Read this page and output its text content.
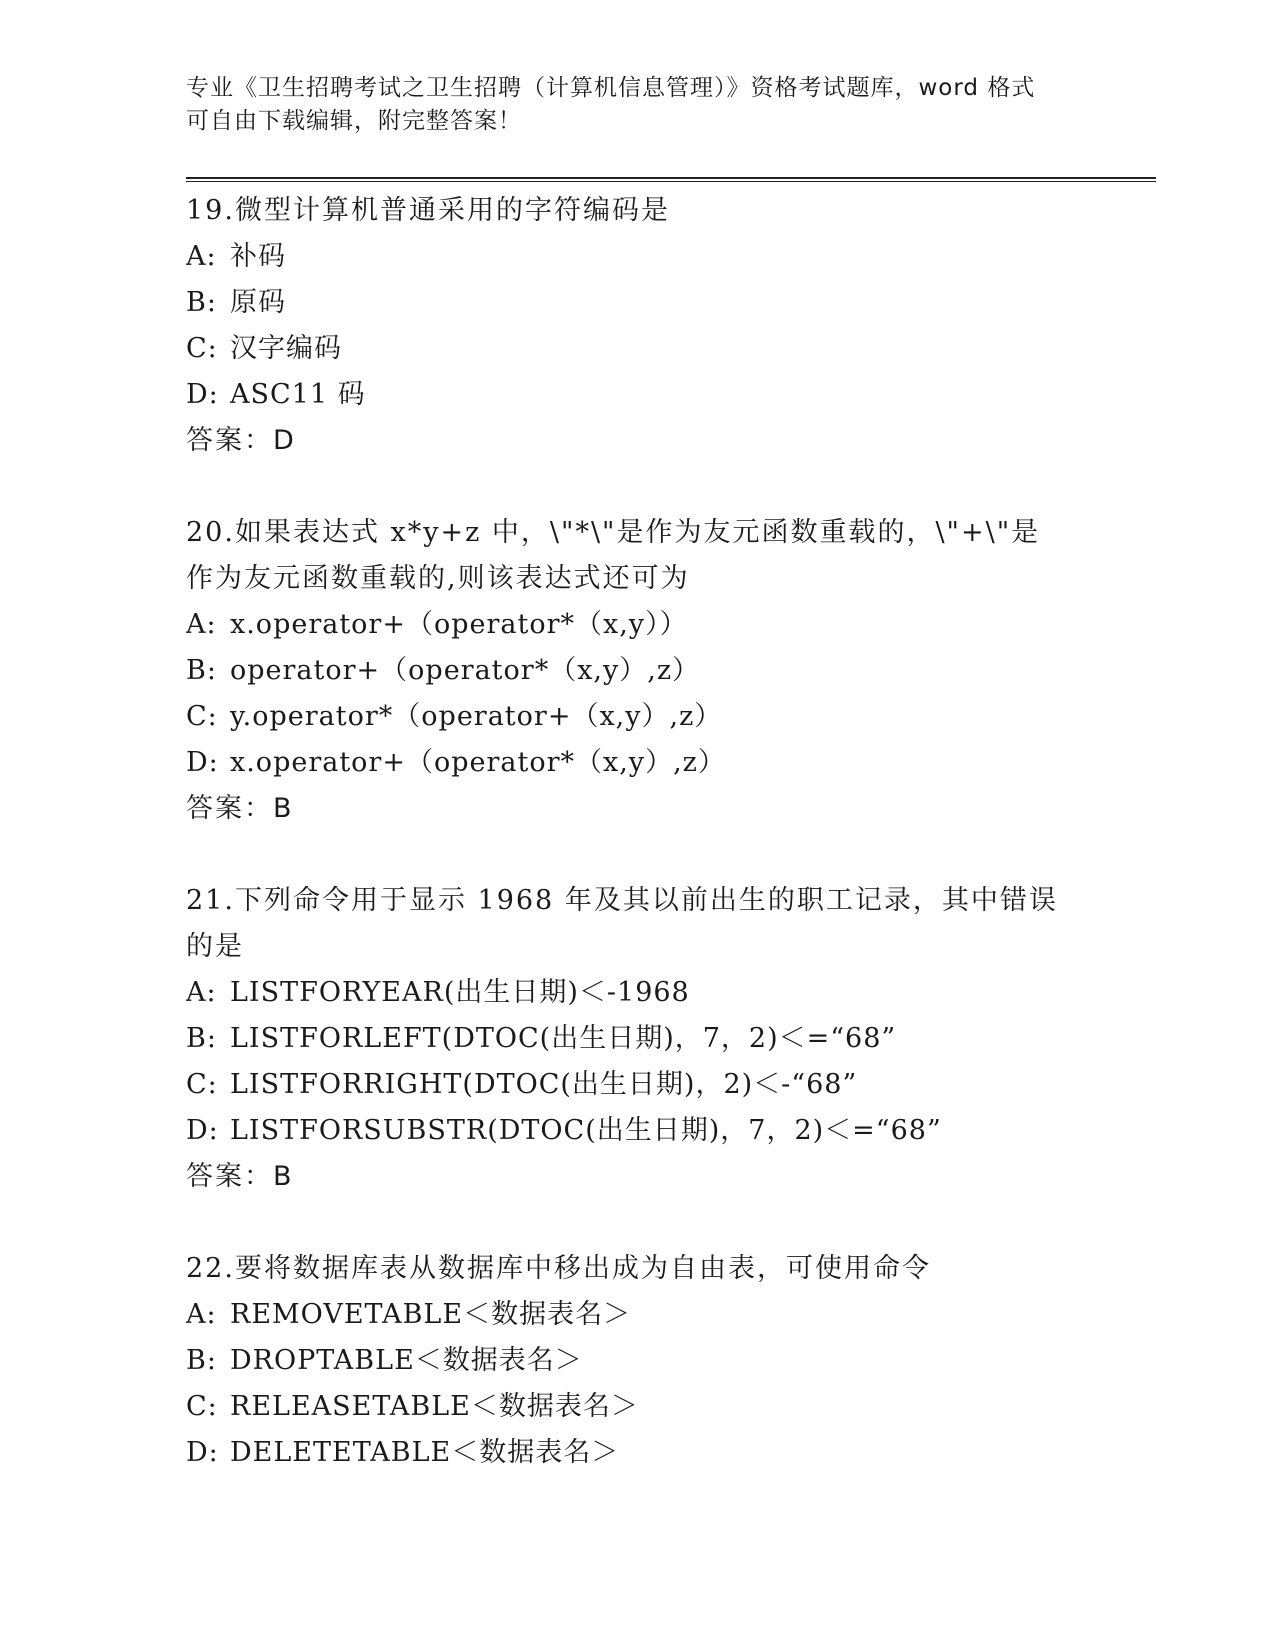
专业《卫生招聘考试之卫生招聘（计算机信息管理）》资格考试题库，word 格式
可自由下载编辑，附完整答案！
19.微型计算机普通采用的字符编码是
A: 补码
B: 原码
C: 汉字编码
D: ASC11 码
答案：D
20.如果表达式 x*y+z 中，\"*\"是作为友元函数重载的，\"+\"是作为友元函数重载的,则该表达式还可为
A: x.operator+（operator*（x,y））
B: operator+（operator*（x,y）,z）
C: y.operator*（operator+（x,y）,z）
D: x.operator+（operator*（x,y）,z）
答案：B
21.下列命令用于显示 1968 年及其以前出生的职工记录，其中错误的是
A: LISTFORYEAR(出生日期)＜-1968
B: LISTFORLEFT(DTOC(出生日期)，7，2)＜=“68”
C: LISTFORRIGHT(DTOC(出生日期)，2)＜-“68”
D: LISTFORSUBSTR(DTOC(出生日期)，7，2)＜=“68”
答案：B
22.要将数据库表从数据库中移出成为自由表，可使用命令
A: REMOVETABLE＜数据表名＞
B: DROPTABLE＜数据表名＞
C: RELEASETABLE＜数据表名＞
D: DELETETABLE＜数据表名＞
